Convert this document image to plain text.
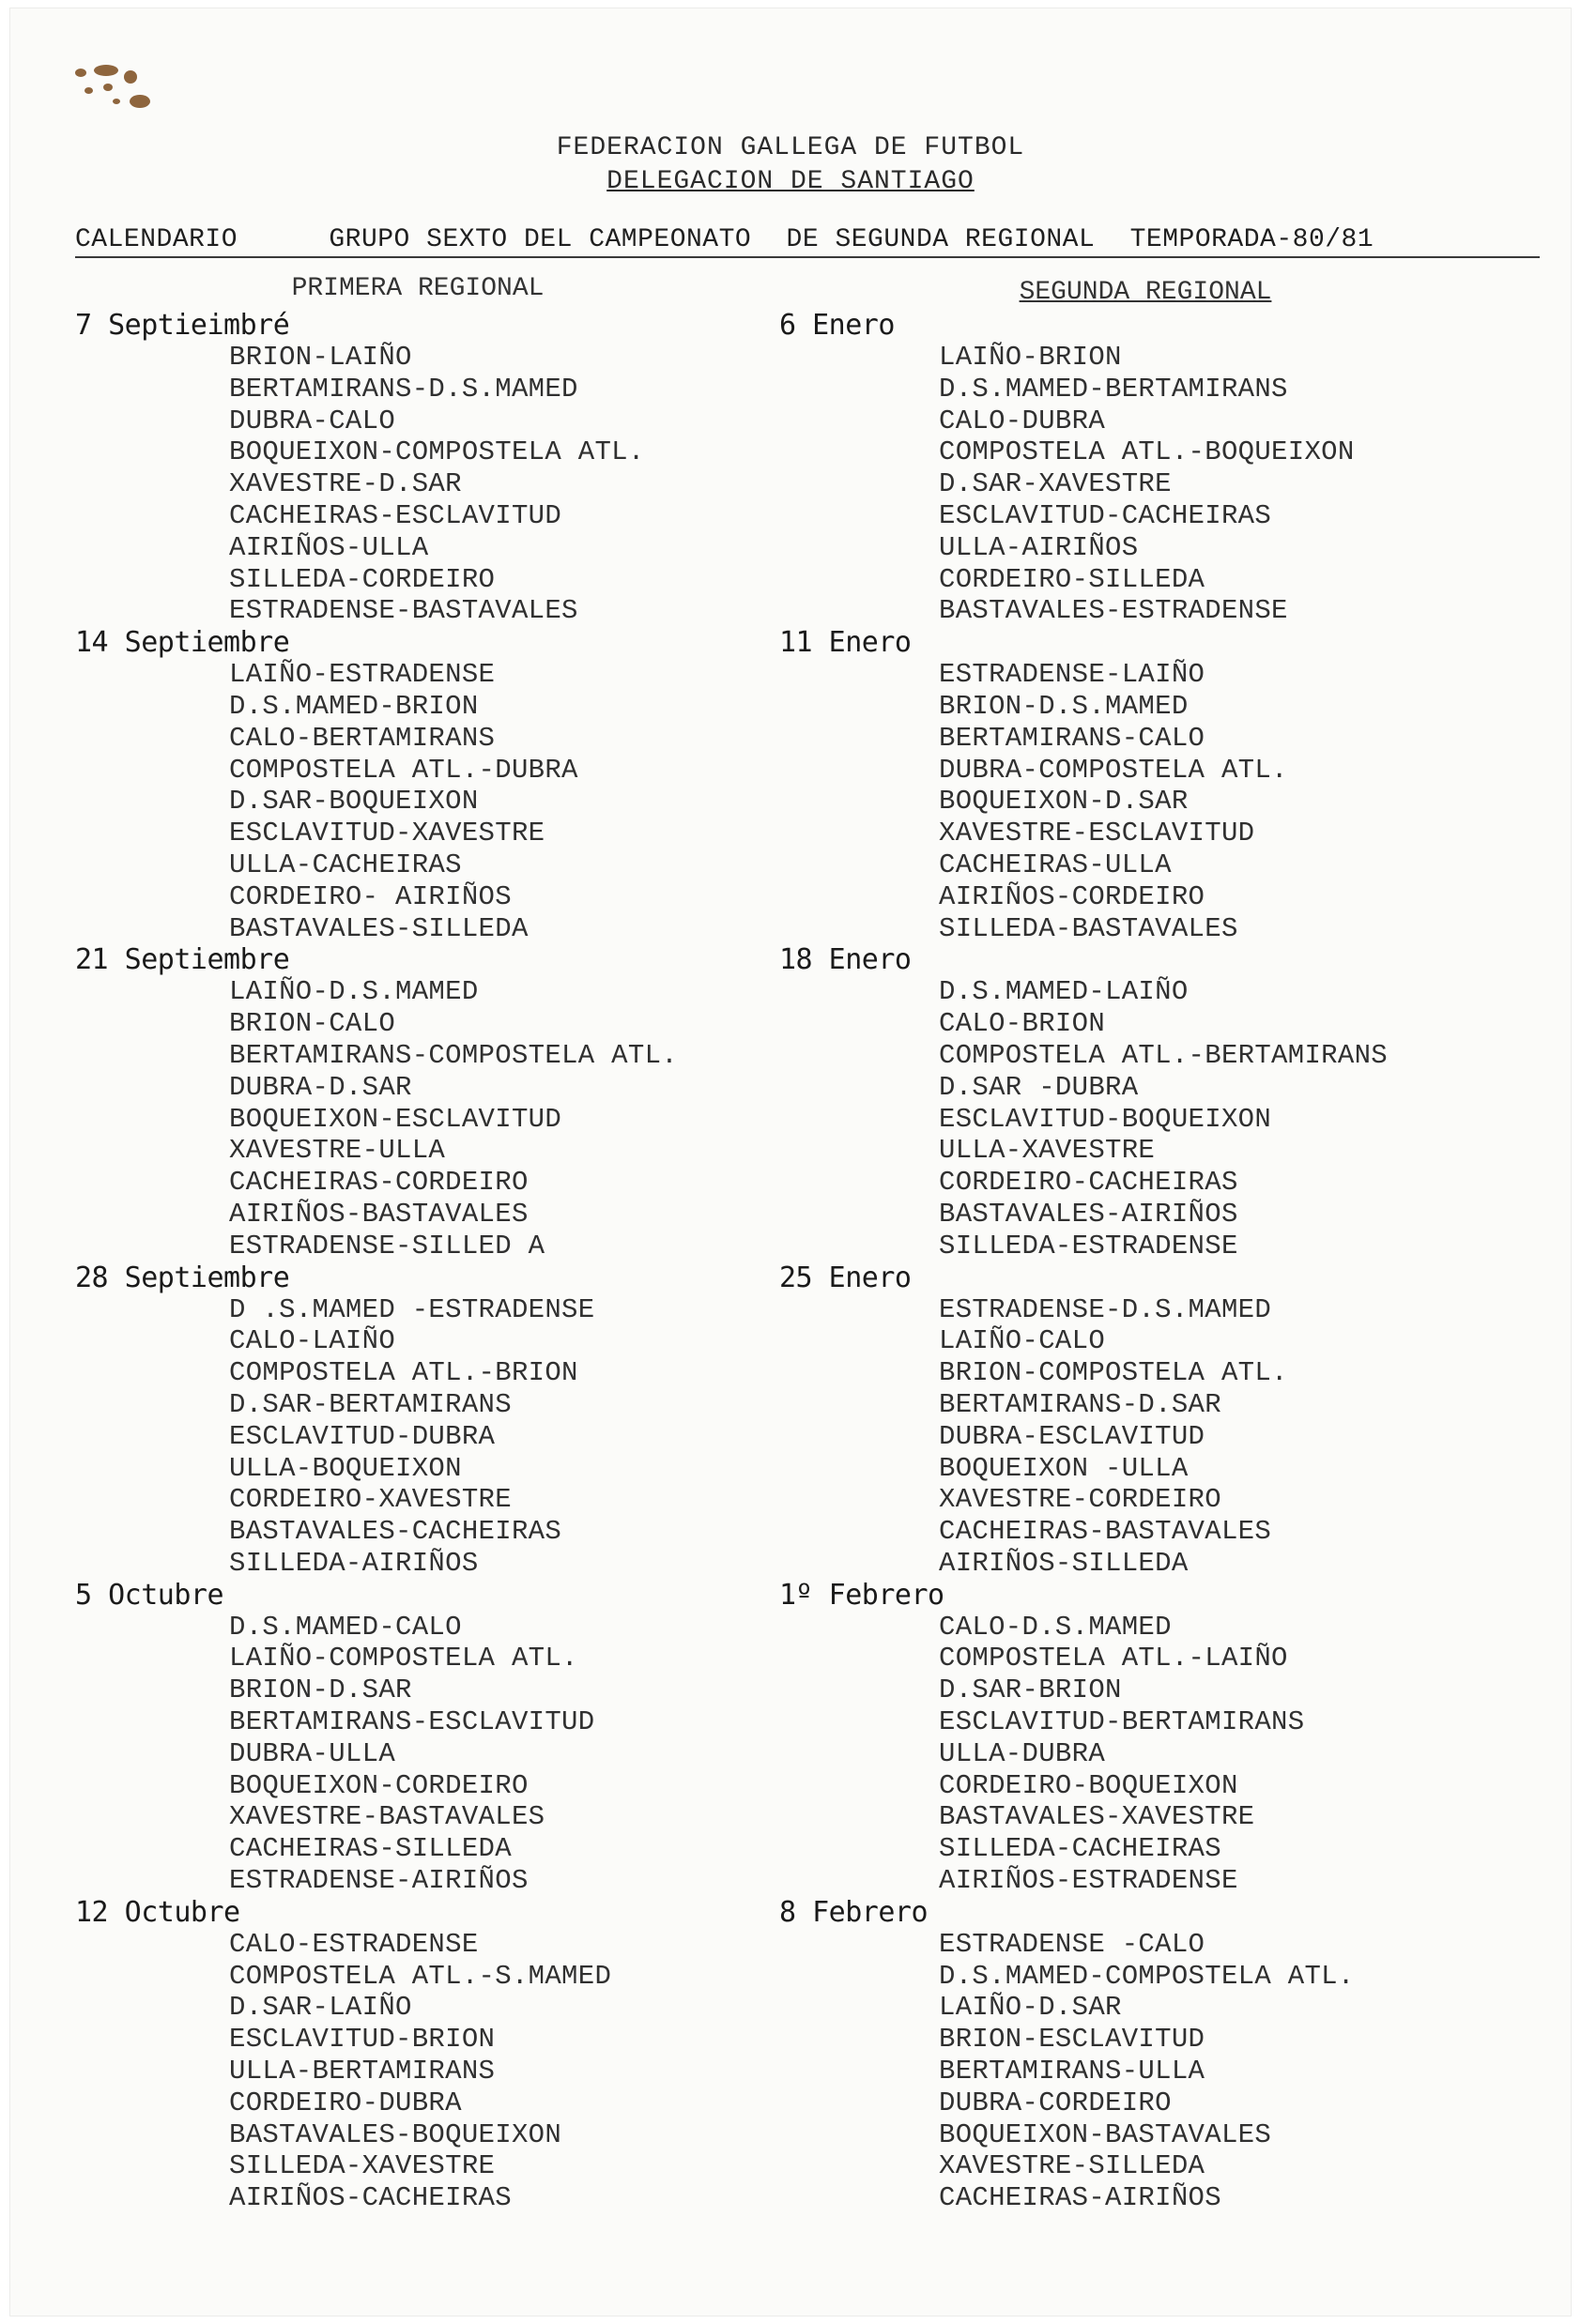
FEDERACION GALLEGA DE FUTBOL
DELEGACION DE SANTIAGO
CALENDARIO	GRUPO SEXTO DEL CAMPEONATO DE SEGUNDA REGIONAL TEMPORADA-80/81
PRIMERA REGIONAL	SEGUNDA REGIONAL
7 Septieimbré
BRION-LAIÑO
BERTAMIRANS-D.S.MAMED
DUBRA-CALO
BOQUEIXON-COMPOSTELA ATL.
XAVESTRE-D.SAR
CACHEIRAS-ESCLAVITUD
AIRIÑOS-ULLA
SILLEDA-CORDEIRO
ESTRADENSE-BASTAVALES
14 Septiembre
LAIÑO-ESTRADENSE
D.S.MAMED-BRION
CALO-BERTAMIRANS
COMPOSTELA ATL.-DUBRA
D.SAR-BOQUEIXON
ESCLAVITUD-XAVESTRE
ULLA-CACHEIRAS
CORDEIRO- AIRIÑOS
BASTAVALES-SILLEDA
21 Septiembre
LAIÑO-D.S.MAMED
BRION-CALO
BERTAMIRANS-COMPOSTELA ATL.
DUBRA-D.SAR
BOQUEIXON-ESCLAVITUD
XAVESTRE-ULLA
CACHEIRAS-CORDEIRO
AIRIÑOS-BASTAVALES
ESTRADENSE-SILLED A
28 Septiembre
D .S.MAMED -ESTRADENSE
CALO-LAIÑO
COMPOSTELA ATL.-BRION
D.SAR-BERTAMIRANS
ESCLAVITUD-DUBRA
ULLA-BOQUEIXON
CORDEIRO-XAVESTRE
BASTAVALES-CACHEIRAS
SILLEDA-AIRIÑOS
5 Octubre
D.S.MAMED-CALO
LAIÑO-COMPOSTELA ATL.
BRION-D.SAR
BERTAMIRANS-ESCLAVITUD
DUBRA-ULLA
BOQUEIXON-CORDEIRO
XAVESTRE-BASTAVALES
CACHEIRAS-SILLEDA
ESTRADENSE-AIRIÑOS
12 Octubre
CALO-ESTRADENSE
COMPOSTELA ATL.-S.MAMED
D.SAR-LAIÑO
ESCLAVITUD-BRION
ULLA-BERTAMIRANS
CORDEIRO-DUBRA
BASTAVALES-BOQUEIXON
SILLEDA-XAVESTRE
AIRIÑOS-CACHEIRAS
6 Enero
LAIÑO-BRION
D.S.MAMED-BERTAMIRANS
CALO-DUBRA
COMPOSTELA ATL.-BOQUEIXON
D.SAR-XAVESTRE
ESCLAVITUD-CACHEIRAS
ULLA-AIRIÑOS
CORDEIRO-SILLEDA
BASTAVALES-ESTRADENSE
11 Enero
ESTRADENSE-LAIÑO
BRION-D.S.MAMED
BERTAMIRANS-CALO
DUBRA-COMPOSTELA ATL.
BOQUEIXON-D.SAR
XAVESTRE-ESCLAVITUD
CACHEIRAS-ULLA
AIRIÑOS-CORDEIRO
SILLEDA-BASTAVALES
18 Enero
D.S.MAMED-LAIÑO
CALO-BRION
COMPOSTELA ATL.-BERTAMIRANS
D.SAR -DUBRA
ESCLAVITUD-BOQUEIXON
ULLA-XAVESTRE
CORDEIRO-CACHEIRAS
BASTAVALES-AIRIÑOS
SILLEDA-ESTRADENSE
25 Enero
ESTRADENSE-D.S.MAMED
LAIÑO-CALO
BRION-COMPOSTELA ATL.
BERTAMIRANS-D.SAR
DUBRA-ESCLAVITUD
BOQUEIXON -ULLA
XAVESTRE-CORDEIRO
CACHEIRAS-BASTAVALES
AIRIÑOS-SILLEDA
1º Febrero
CALO-D.S.MAMED
COMPOSTELA ATL.-LAIÑO
D.SAR-BRION
ESCLAVITUD-BERTAMIRANS
ULLA-DUBRA
CORDEIRO-BOQUEIXON
BASTAVALES-XAVESTRE
SILLEDA-CACHEIRAS
AIRIÑOS-ESTRADENSE
8 Febrero
ESTRADENSE -CALO
D.S.MAMED-COMPOSTELA ATL.
LAIÑO-D.SAR
BRION-ESCLAVITUD
BERTAMIRANS-ULLA
DUBRA-CORDEIRO
BOQUEIXON-BASTAVALES
XAVESTRE-SILLEDA
CACHEIRAS-AIRIÑOS
